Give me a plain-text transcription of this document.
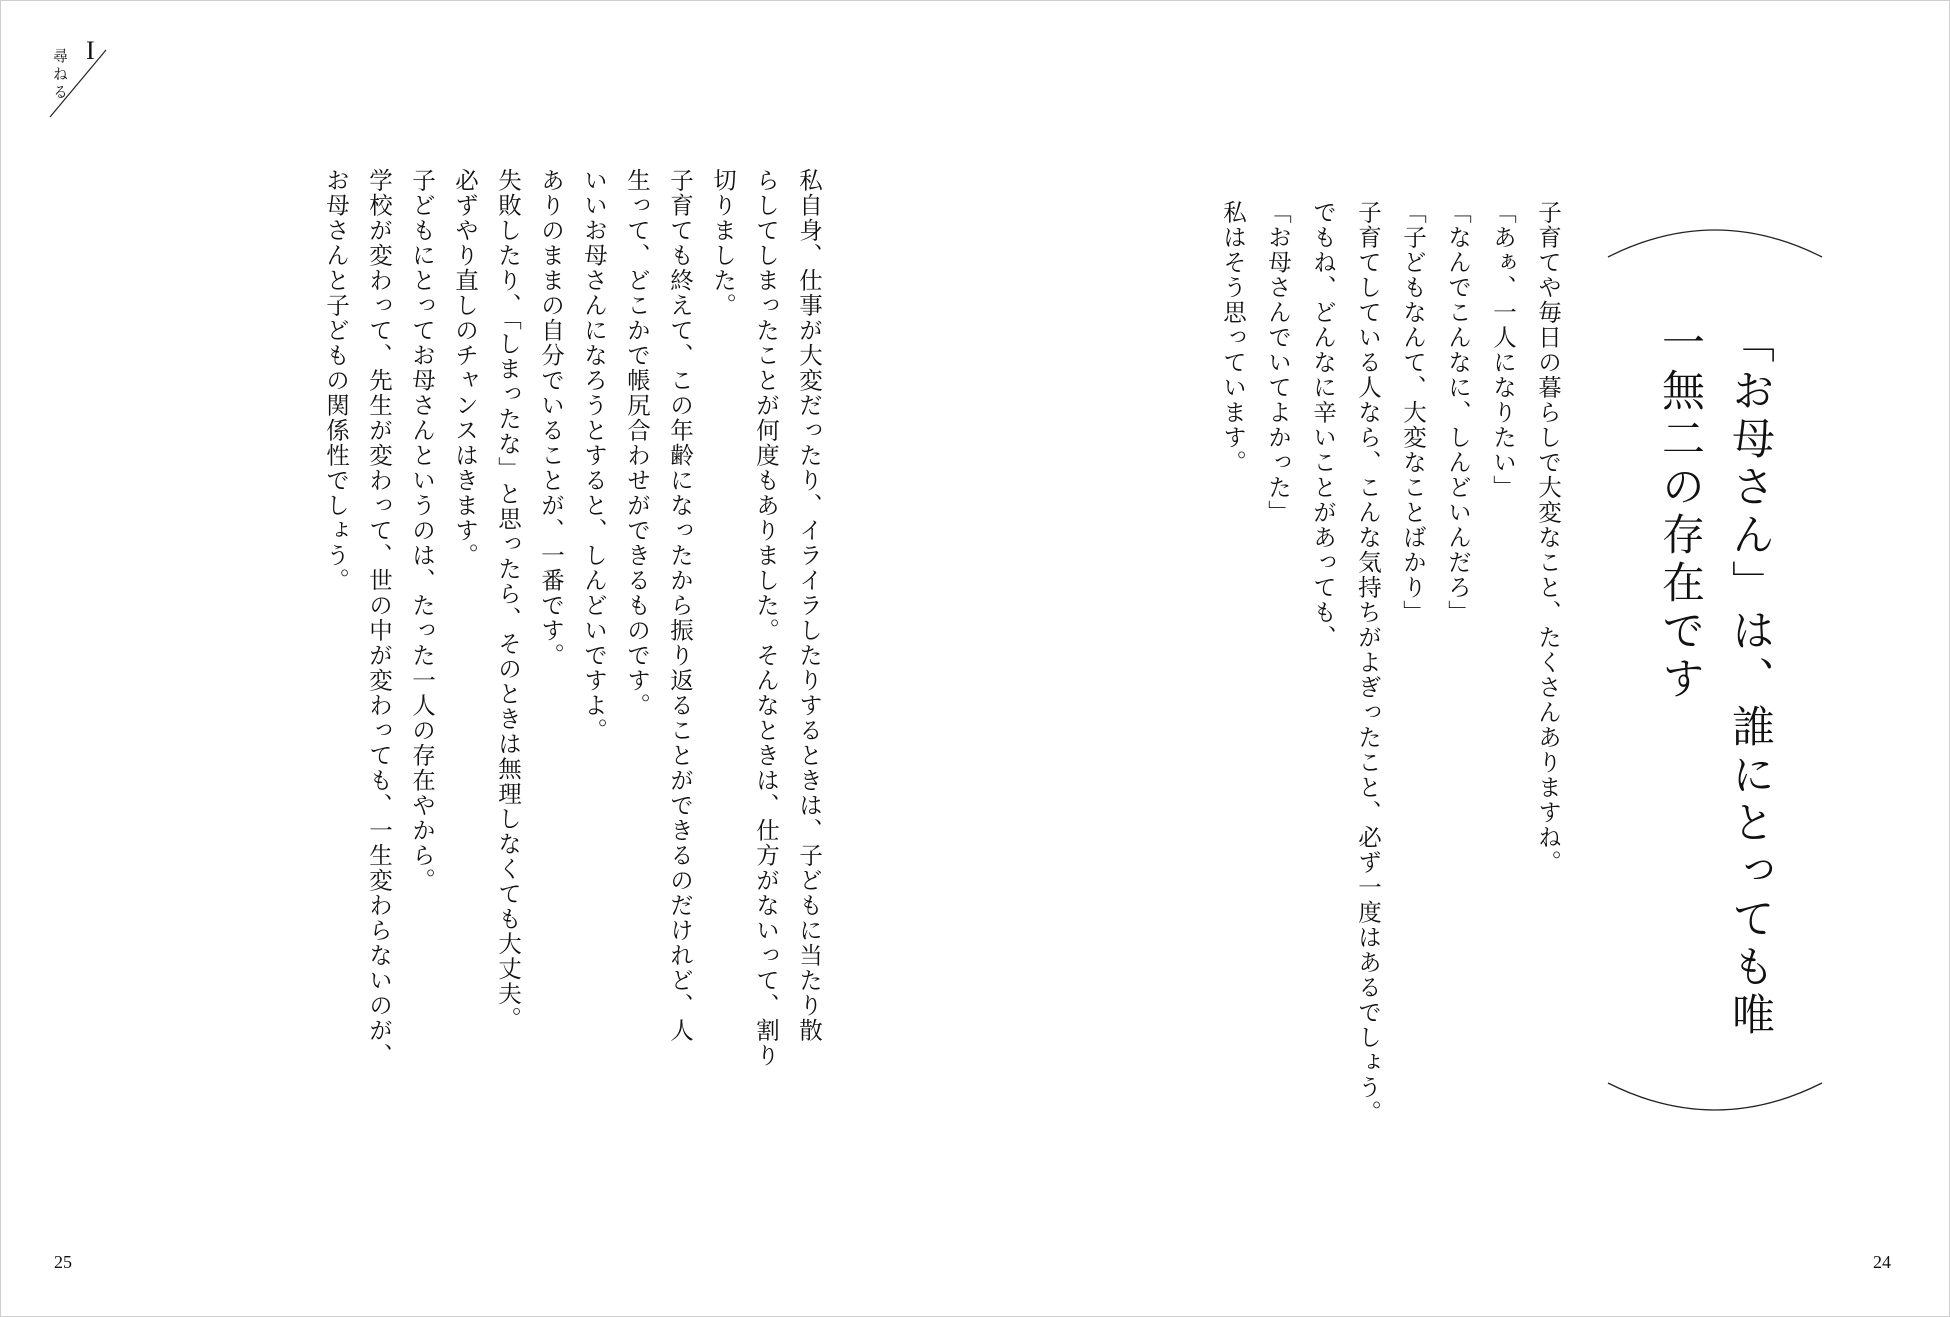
尋ねる I
「お母さん」は、誰にとっても唯一無二の存在です
子育てや毎日の暮らしで大変なこと、たくさんありますね。
「あぁ、一人になりたい」
「なんでこんなに、しんどいんだろ」
「子どもなんて、大変なことばかり」
子育てしている人なら、こんな気持ちがよぎったこと、必ず一度はあるでしょう。
でもね、どんなに辛いことがあっても、
「お母さんでいてよかった」
私はそう思っています。
私自身、仕事が大変だったり、イライラしたりするときは、子どもに当たり散
らしてしまったことが何度もありました。そんなときは、仕方がないって、割り
切りました。
子育ても終えて、この年齢になったから振り返ることができるのだけれど、人
生って、どこかで帳尻合わせができるものです。
いいお母さんになろうとすると、しんどいですよ。
ありのままの自分でいることが、一番です。
失敗したり、「しまったな」と思ったら、そのときは無理しなくても大丈夫。
必ずやり直しのチャンスはきます。
子どもにとってお母さんというのは、たった一人の存在やから。
学校が変わって、先生が変わって、世の中が変わっても、一生変わらないのが、
お母さんと子どもの関係性でしょう。
25	24
